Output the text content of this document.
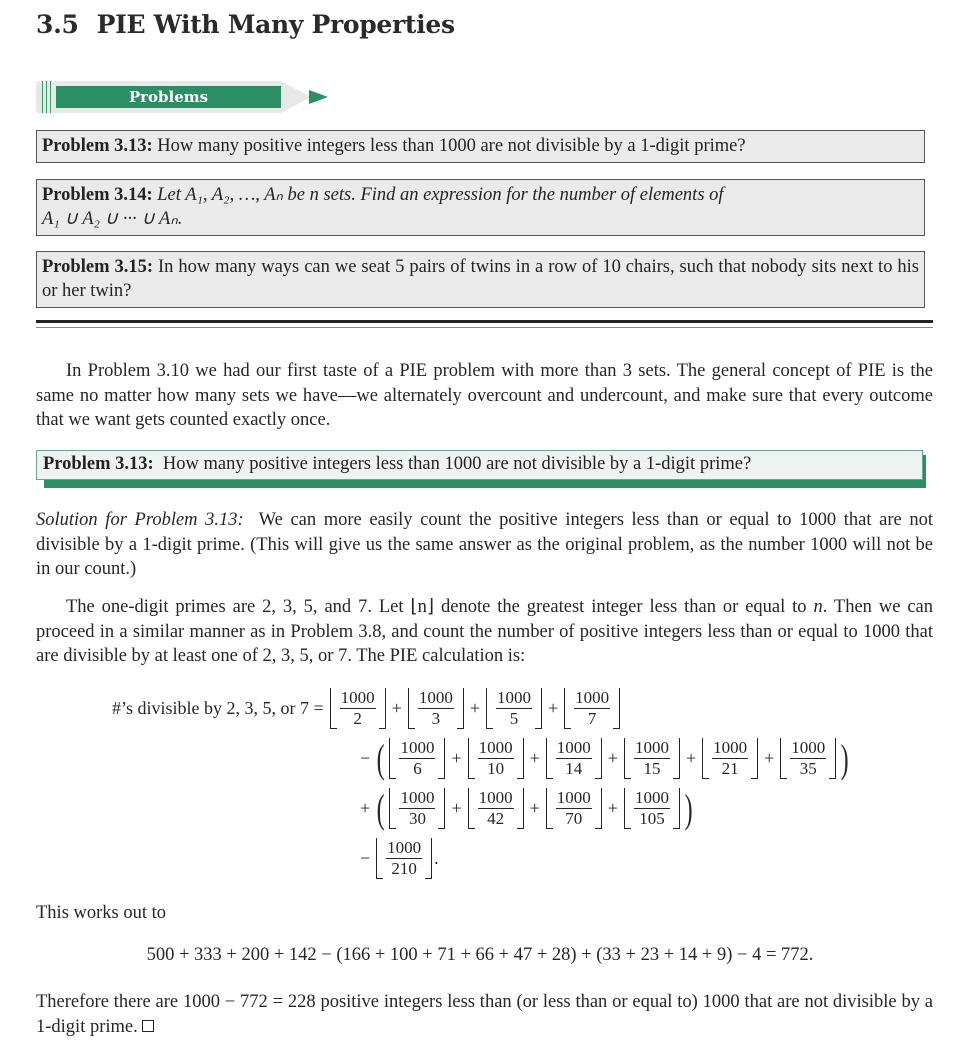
3.5 PIE With Many Properties
Problems
Problem 3.13: How many positive integers less than 1000 are not divisible by a 1-digit prime?
Problem 3.14: Let A₁, A₂, …, Aₙ be n sets. Find an expression for the number of elements of
A₁ ∪ A₂ ∪ ··· ∪ Aₙ.
Problem 3.15: In how many ways can we seat 5 pairs of twins in a row of 10 chairs, such that nobody sits next to his or her twin?
In Problem 3.10 we had our first taste of a PIE problem with more than 3 sets. The general concept of PIE is the same no matter how many sets we have—we alternately overcount and undercount, and make sure that every outcome that we want gets counted exactly once.
Problem 3.13: How many positive integers less than 1000 are not divisible by a 1-digit prime?
Solution for Problem 3.13: We can more easily count the positive integers less than or equal to 1000 that are not divisible by a 1-digit prime. (This will give us the same answer as the original problem, as the number 1000 will not be in our count.)
The one-digit primes are 2, 3, 5, and 7. Let ⌊n⌋ denote the greatest integer less than or equal to n. Then we can proceed in a similar manner as in Problem 3.8, and count the number of positive integers less than or equal to 1000 that are divisible by at least one of 2, 3, 5, or 7. The PIE calculation is:
#’s divisible by 2, 3, 5, or $7 = \frac{1000}{2} + \frac{1000}{3} + \frac{1000}{5} + \frac{1000}{7}$
− ( $\frac{1000}{6} + \frac{1000}{10} + \frac{1000}{14} + \frac{1000}{15} + \frac{1000}{21} + \frac{1000}{35}$ )
+ ( $\frac{1000}{30} + \frac{1000}{42} + \frac{1000}{70} + \frac{1000}{105}$ )
− $\frac{1000}{210}$ .
This works out to
500 + 333 + 200 + 142 − (166 + 100 + 71 + 66 + 47 + 28) + (33 + 23 + 14 + 9) − 4 = 772.
Therefore there are 1000 − 772 = 228 positive integers less than (or less than or equal to) 1000 that are not divisible by a 1-digit prime.
